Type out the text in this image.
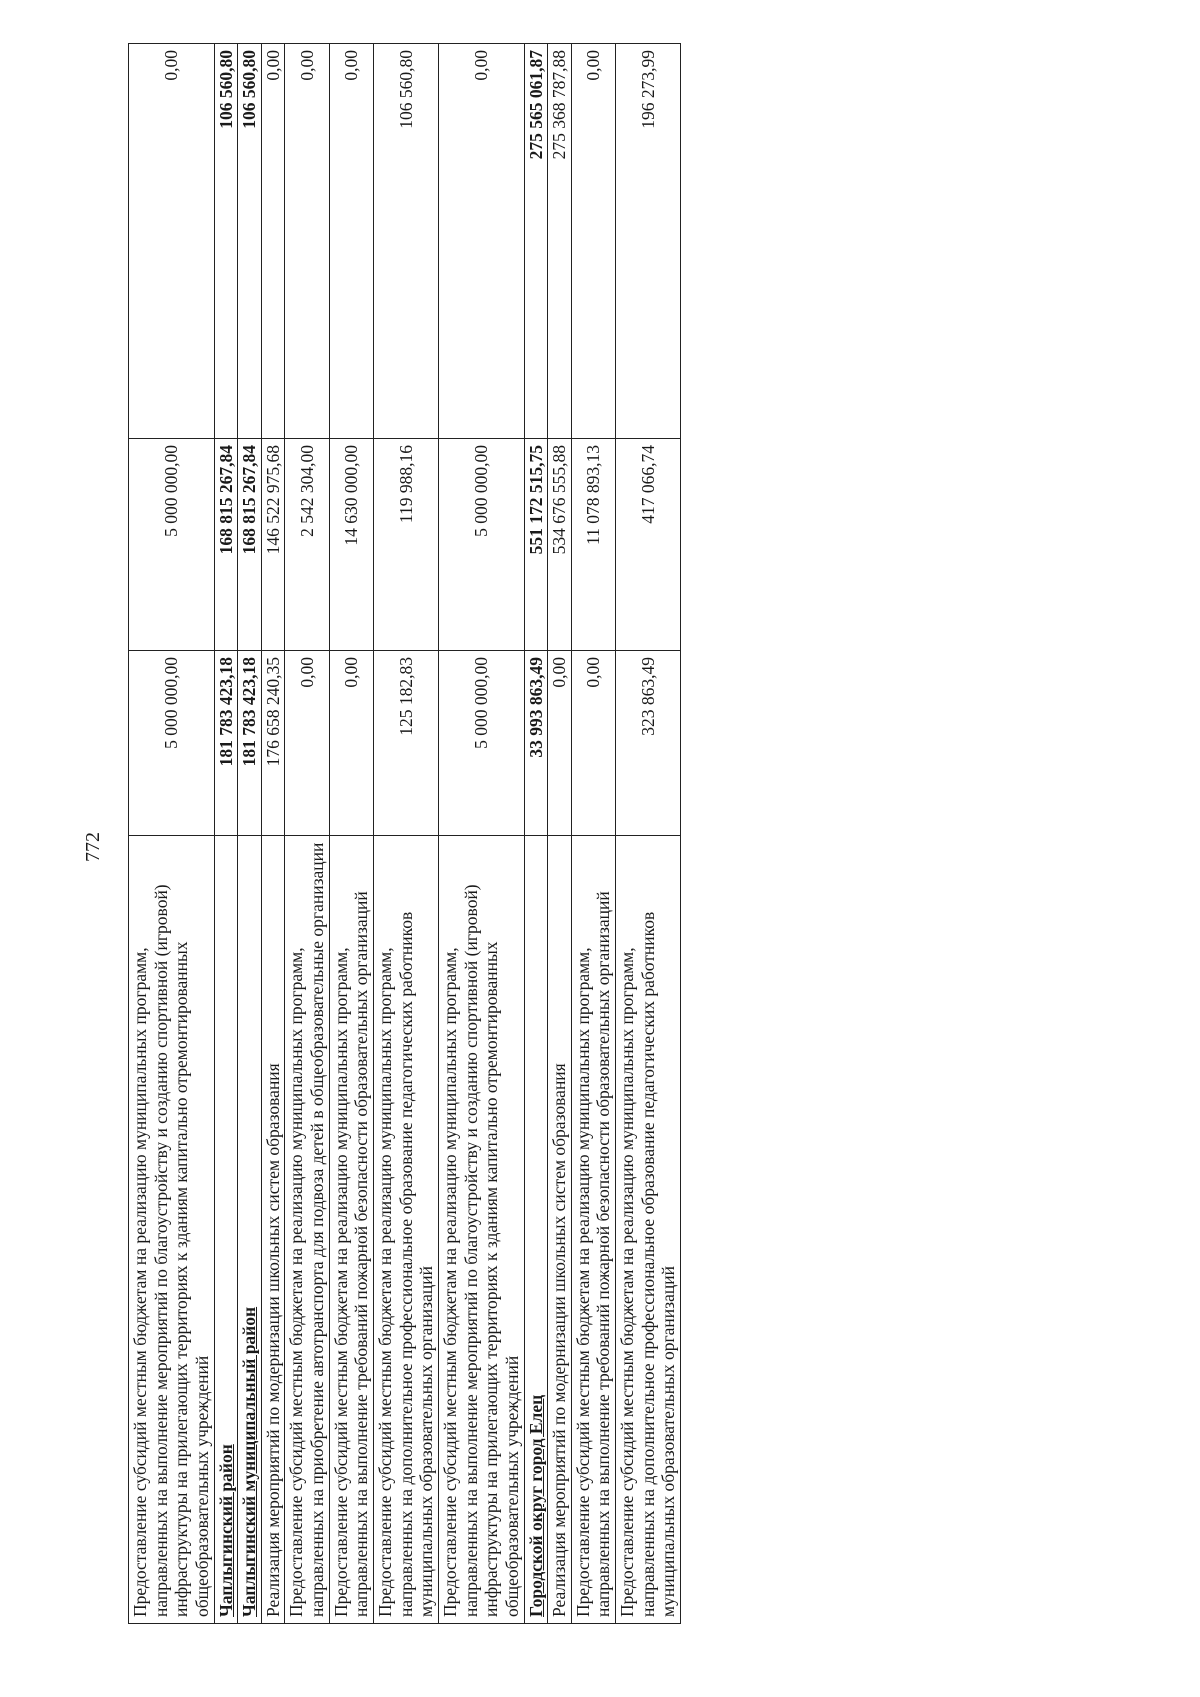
772
Предоставление субсидий местным бюджетам на реализацию муниципальных программ, направленных на выполнение мероприятий по благоустройству и созданию спортивной (игровой) инфраструктуры на прилегающих территориях к зданиям капитально отремонтированных общеобразовательных учреждений	5 000 000,00	5 000 000,00	0,00
Чаплыгинский район	181 783 423,18	168 815 267,84	106 560,80
Чаплыгинский муниципальный район	181 783 423,18	168 815 267,84	106 560,80
Реализация мероприятий по модернизации школьных систем образования	176 658 240,35	146 522 975,68	0,00
Предоставление субсидий местным бюджетам на реализацию муниципальных программ, направленных на приобретение автотранспорта для подвоза детей в общеобразовательные организации	0,00	2 542 304,00	0,00
Предоставление субсидий местным бюджетам на реализацию муниципальных программ, направленных на выполнение требований пожарной безопасности образовательных организаций	0,00	14 630 000,00	0,00
Предоставление субсидий местным бюджетам на реализацию муниципальных программ, направленных на дополнительное профессиональное образование педагогических работников муниципальных образовательных организаций	125 182,83	119 988,16	106 560,80
Предоставление субсидий местным бюджетам на реализацию муниципальных программ, направленных на выполнение мероприятий по благоустройству и созданию спортивной (игровой) инфраструктуры на прилегающих территориях к зданиям капитально отремонтированных общеобразовательных учреждений	5 000 000,00	5 000 000,00	0,00
Городской округ город Елец	33 993 863,49	551 172 515,75	275 565 061,87
Реализация мероприятий по модернизации школьных систем образования	0,00	534 676 555,88	275 368 787,88
Предоставление субсидий местным бюджетам на реализацию муниципальных программ, направленных на выполнение требований пожарной безопасности образовательных организаций	0,00	11 078 893,13	0,00
Предоставление субсидий местным бюджетам на реализацию муниципальных программ, направленных на дополнительное профессиональное образование педагогических работников муниципальных образовательных организаций	323 863,49	417 066,74	196 273,99
